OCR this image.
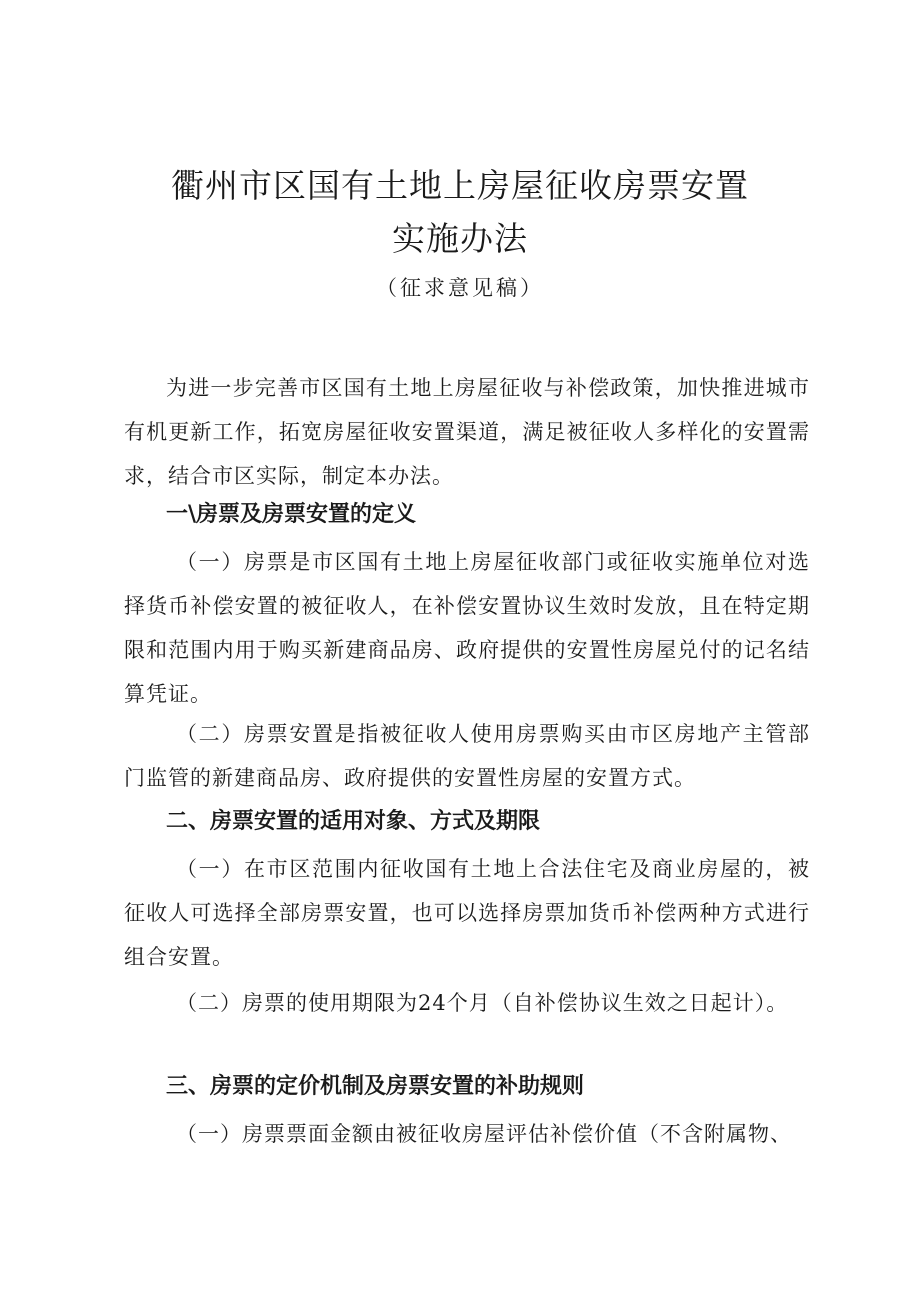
衢州市区国有土地上房屋征收房票安置
实施办法
（征求意见稿）

为进一步完善市区国有土地上房屋征收与补偿政策，加快推进城市有机更新工作，拓宽房屋征收安置渠道，满足被征收人多样化的安置需求，结合市区实际，制定本办法。

一\房票及房票安置的定义

（一）房票是市区国有土地上房屋征收部门或征收实施单位对选择货币补偿安置的被征收人，在补偿安置协议生效时发放，且在特定期限和范围内用于购买新建商品房、政府提供的安置性房屋兑付的记名结算凭证。

（二）房票安置是指被征收人使用房票购买由市区房地产主管部门监管的新建商品房、政府提供的安置性房屋的安置方式。

二、房票安置的适用对象、方式及期限

（一）在市区范围内征收国有土地上合法住宅及商业房屋的，被征收人可选择全部房票安置，也可以选择房票加货币补偿两种方式进行组合安置。

（二）房票的使用期限为24个月（自补偿协议生效之日起计）。

三、房票的定价机制及房票安置的补助规则

（一）房票票面金额由被征收房屋评估补偿价值（不含附属物、
